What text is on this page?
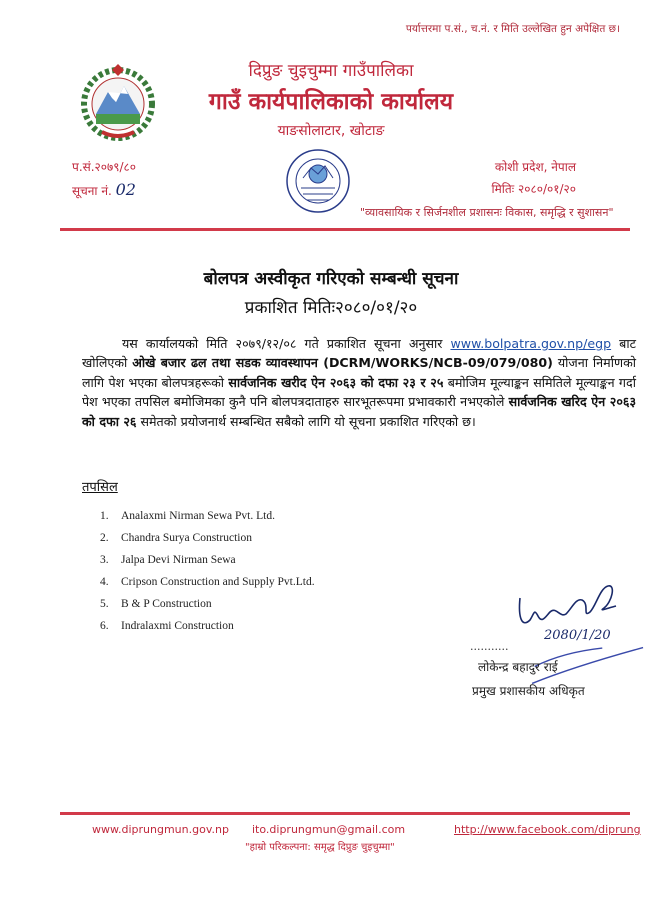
पर्यात्तरमा प.सं., च.नं. र मिति उल्लेखित हुन अपेक्षित छ।
दिप्रुङ चुइचुम्मा गाउँपालिका
गाउँ कार्यपालिकाको कार्यालय
याङसोलाटार, खोटाङ
प.सं.२०७९/८०
सूचना नं. 02
कोशी प्रदेश, नेपाल
मितिः २०८०/०१/२०
"व्यावसायिक र सिर्जनशील प्रशासनः विकास, समृद्धि र सुशासन"
बोलपत्र अस्वीकृत गरिएको सम्बन्धी सूचना
प्रकाशित मितिः२०८०/०१/२०
यस कार्यालयको मिति २०७९/१२/०८ गते प्रकाशित सूचना अनुसार www.bolpatra.gov.np/egp बाट खोलिएको ओखे बजार ढल तथा सडक व्यावस्थापन (DCRM/WORKS/NCB-09/079/080) योजना निर्माणको लागि पेश भएका बोलपत्रहरूको सार्वजनिक खरीद ऐन २०६३ को दफा २३ र २५ बमोजिम मूल्याङ्कन समितिले मूल्याङ्कन गर्दा पेश भएका तपसिल बमोजिमका कुनै पनि बोलपत्रदाताहरु सारभूतरूपमा प्रभावकारी नभएकोले सार्वजनिक खरिद ऐन २०६३ को दफा २६ समेतको प्रयोजनार्थ सम्बन्धित सबैको लागि यो सूचना प्रकाशित गरिएको छ।
तपसिल
1. Analaxmi Nirman Sewa Pvt. Ltd.
2. Chandra Surya Construction
3. Jalpa Devi Nirman Sewa
4. Cripson Construction and Supply Pvt.Ltd.
5. B & P Construction
6. Indralaxmi Construction
2080/1/20
...........
लोकेन्द्र बहादुर राई
प्रमुख प्रशासकीय अधिकृत
www.diprungmun.gov.np ito.diprungmun@gmail.com	http://www.facebook.com/diprung
"हाम्रो परिकल्पना: समृद्ध दिप्रुङ चुइचुम्मा"
